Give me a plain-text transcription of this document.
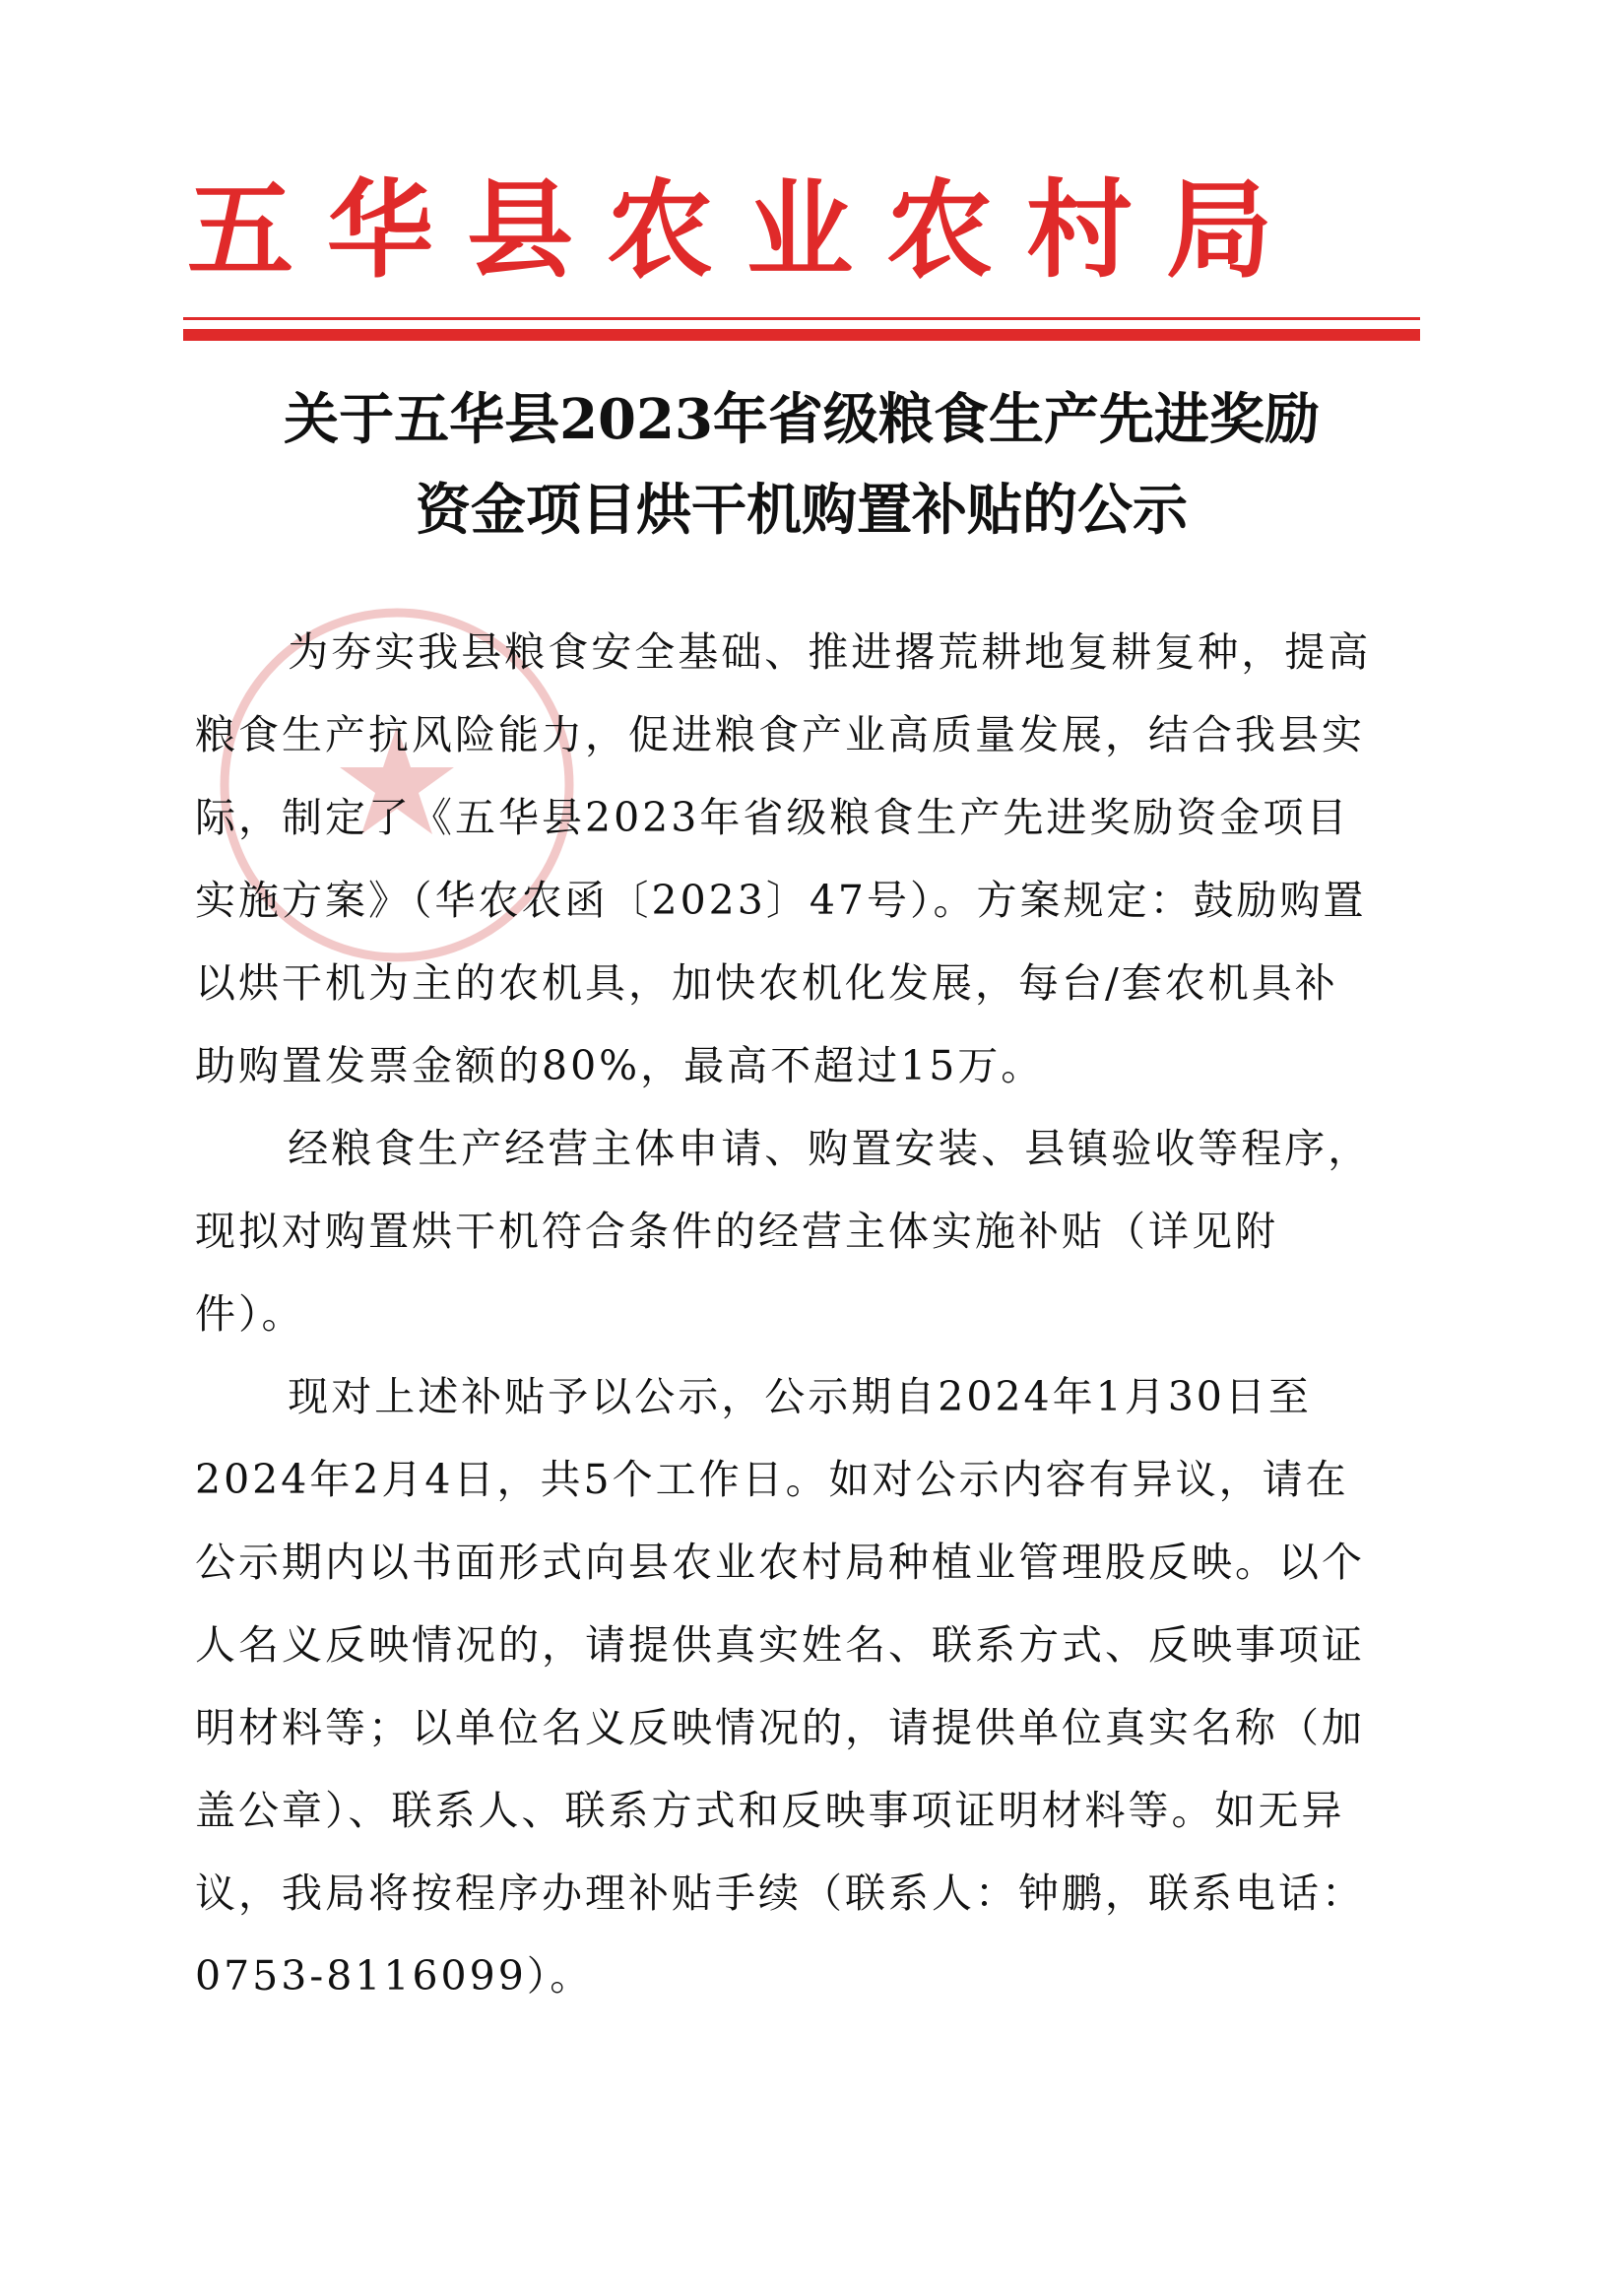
五华县农业农村局
关于五华县2023年省级粮食生产先进奖励
资金项目烘干机购置补贴的公示

为夯实我县粮食安全基础、推进撂荒耕地复耕复种，提高粮食生产抗风险能力，促进粮食产业高质量发展，结合我县实际，制定了《五华县2023年省级粮食生产先进奖励资金项目实施方案》（华农农函〔2023〕47号）。方案规定：鼓励购置以烘干机为主的农机具，加快农机化发展，每台/套农机具补助购置发票金额的80%，最高不超过15万。

经粮食生产经营主体申请、购置安装、县镇验收等程序，现拟对购置烘干机符合条件的经营主体实施补贴（详见附件）。

现对上述补贴予以公示，公示期自2024年1月30日至2024年2月4日，共5个工作日。如对公示内容有异议，请在公示期内以书面形式向县农业农村局种植业管理股反映。以个人名义反映情况的，请提供真实姓名、联系方式、反映事项证明材料等；以单位名义反映情况的，请提供单位真实名称（加盖公章）、联系人、联系方式和反映事项证明材料等。如无异议，我局将按程序办理补贴手续（联系人：钟鹏，联系电话：0753-8116099）。
